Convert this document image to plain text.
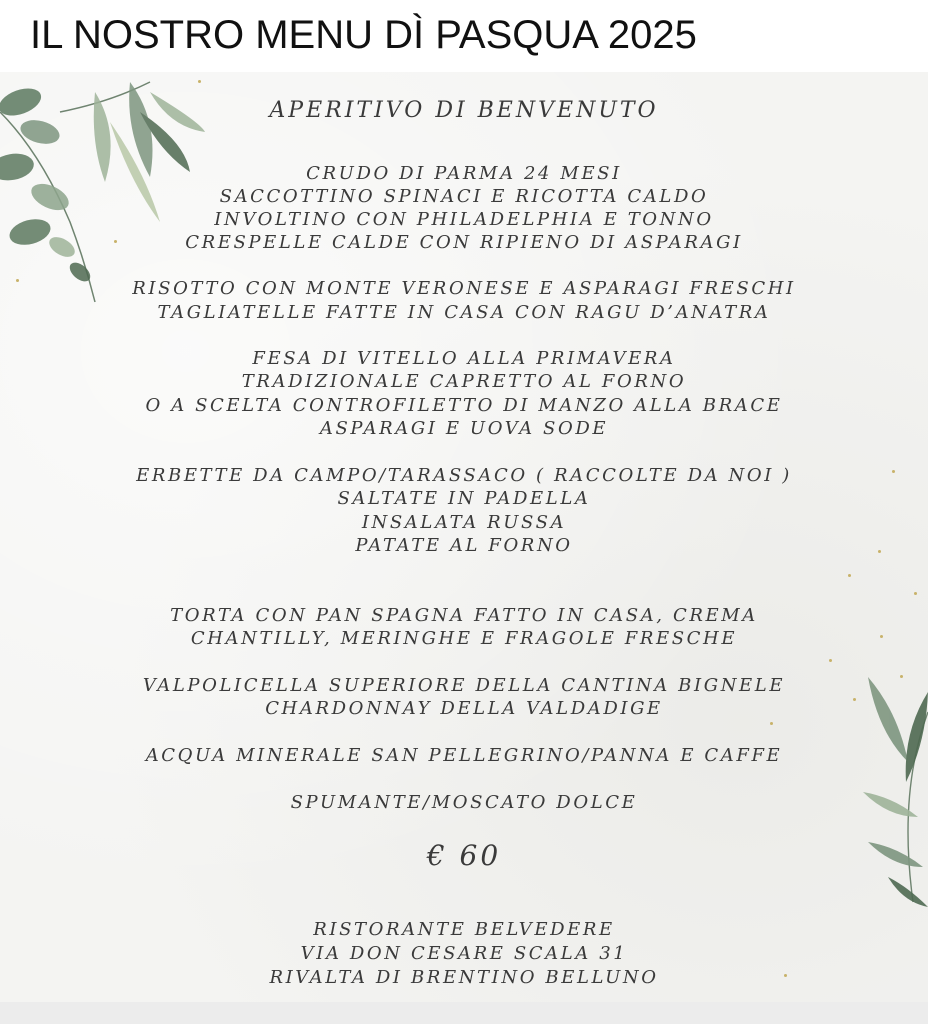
IL NOSTRO MENU DÌ PASQUA 2025
APERITIVO DI BENVENUTO
CRUDO DI PARMA 24 MESI
SACCOTTINO SPINACI E RICOTTA CALDO
INVOLTINO CON PHILADELPHIA E TONNO
CRESPELLE CALDE CON RIPIENO DI ASPARAGI
RISOTTO CON MONTE VERONESE E ASPARAGI FRESCHI
TAGLIATELLE FATTE IN CASA CON RAGU D’ANATRA
FESA DI VITELLO ALLA PRIMAVERA
TRADIZIONALE CAPRETTO AL FORNO
O A SCELTA CONTROFILETTO DI MANZO ALLA BRACE
ASPARAGI E UOVA SODE
ERBETTE DA CAMPO/TARASSACO ( RACCOLTE DA NOI )
SALTATE IN PADELLA
INSALATA RUSSA
PATATE AL FORNO
TORTA CON PAN SPAGNA FATTO IN CASA, CREMA
CHANTILLY, MERINGHE E FRAGOLE FRESCHE
VALPOLICELLA SUPERIORE DELLA CANTINA BIGNELE
CHARDONNAY DELLA VALDADIGE
ACQUA MINERALE SAN PELLEGRINO/PANNA E CAFFE
SPUMANTE/MOSCATO DOLCE
€ 60
RISTORANTE BELVEDERE
VIA DON CESARE SCALA 31
RIVALTA DI BRENTINO BELLUNO
